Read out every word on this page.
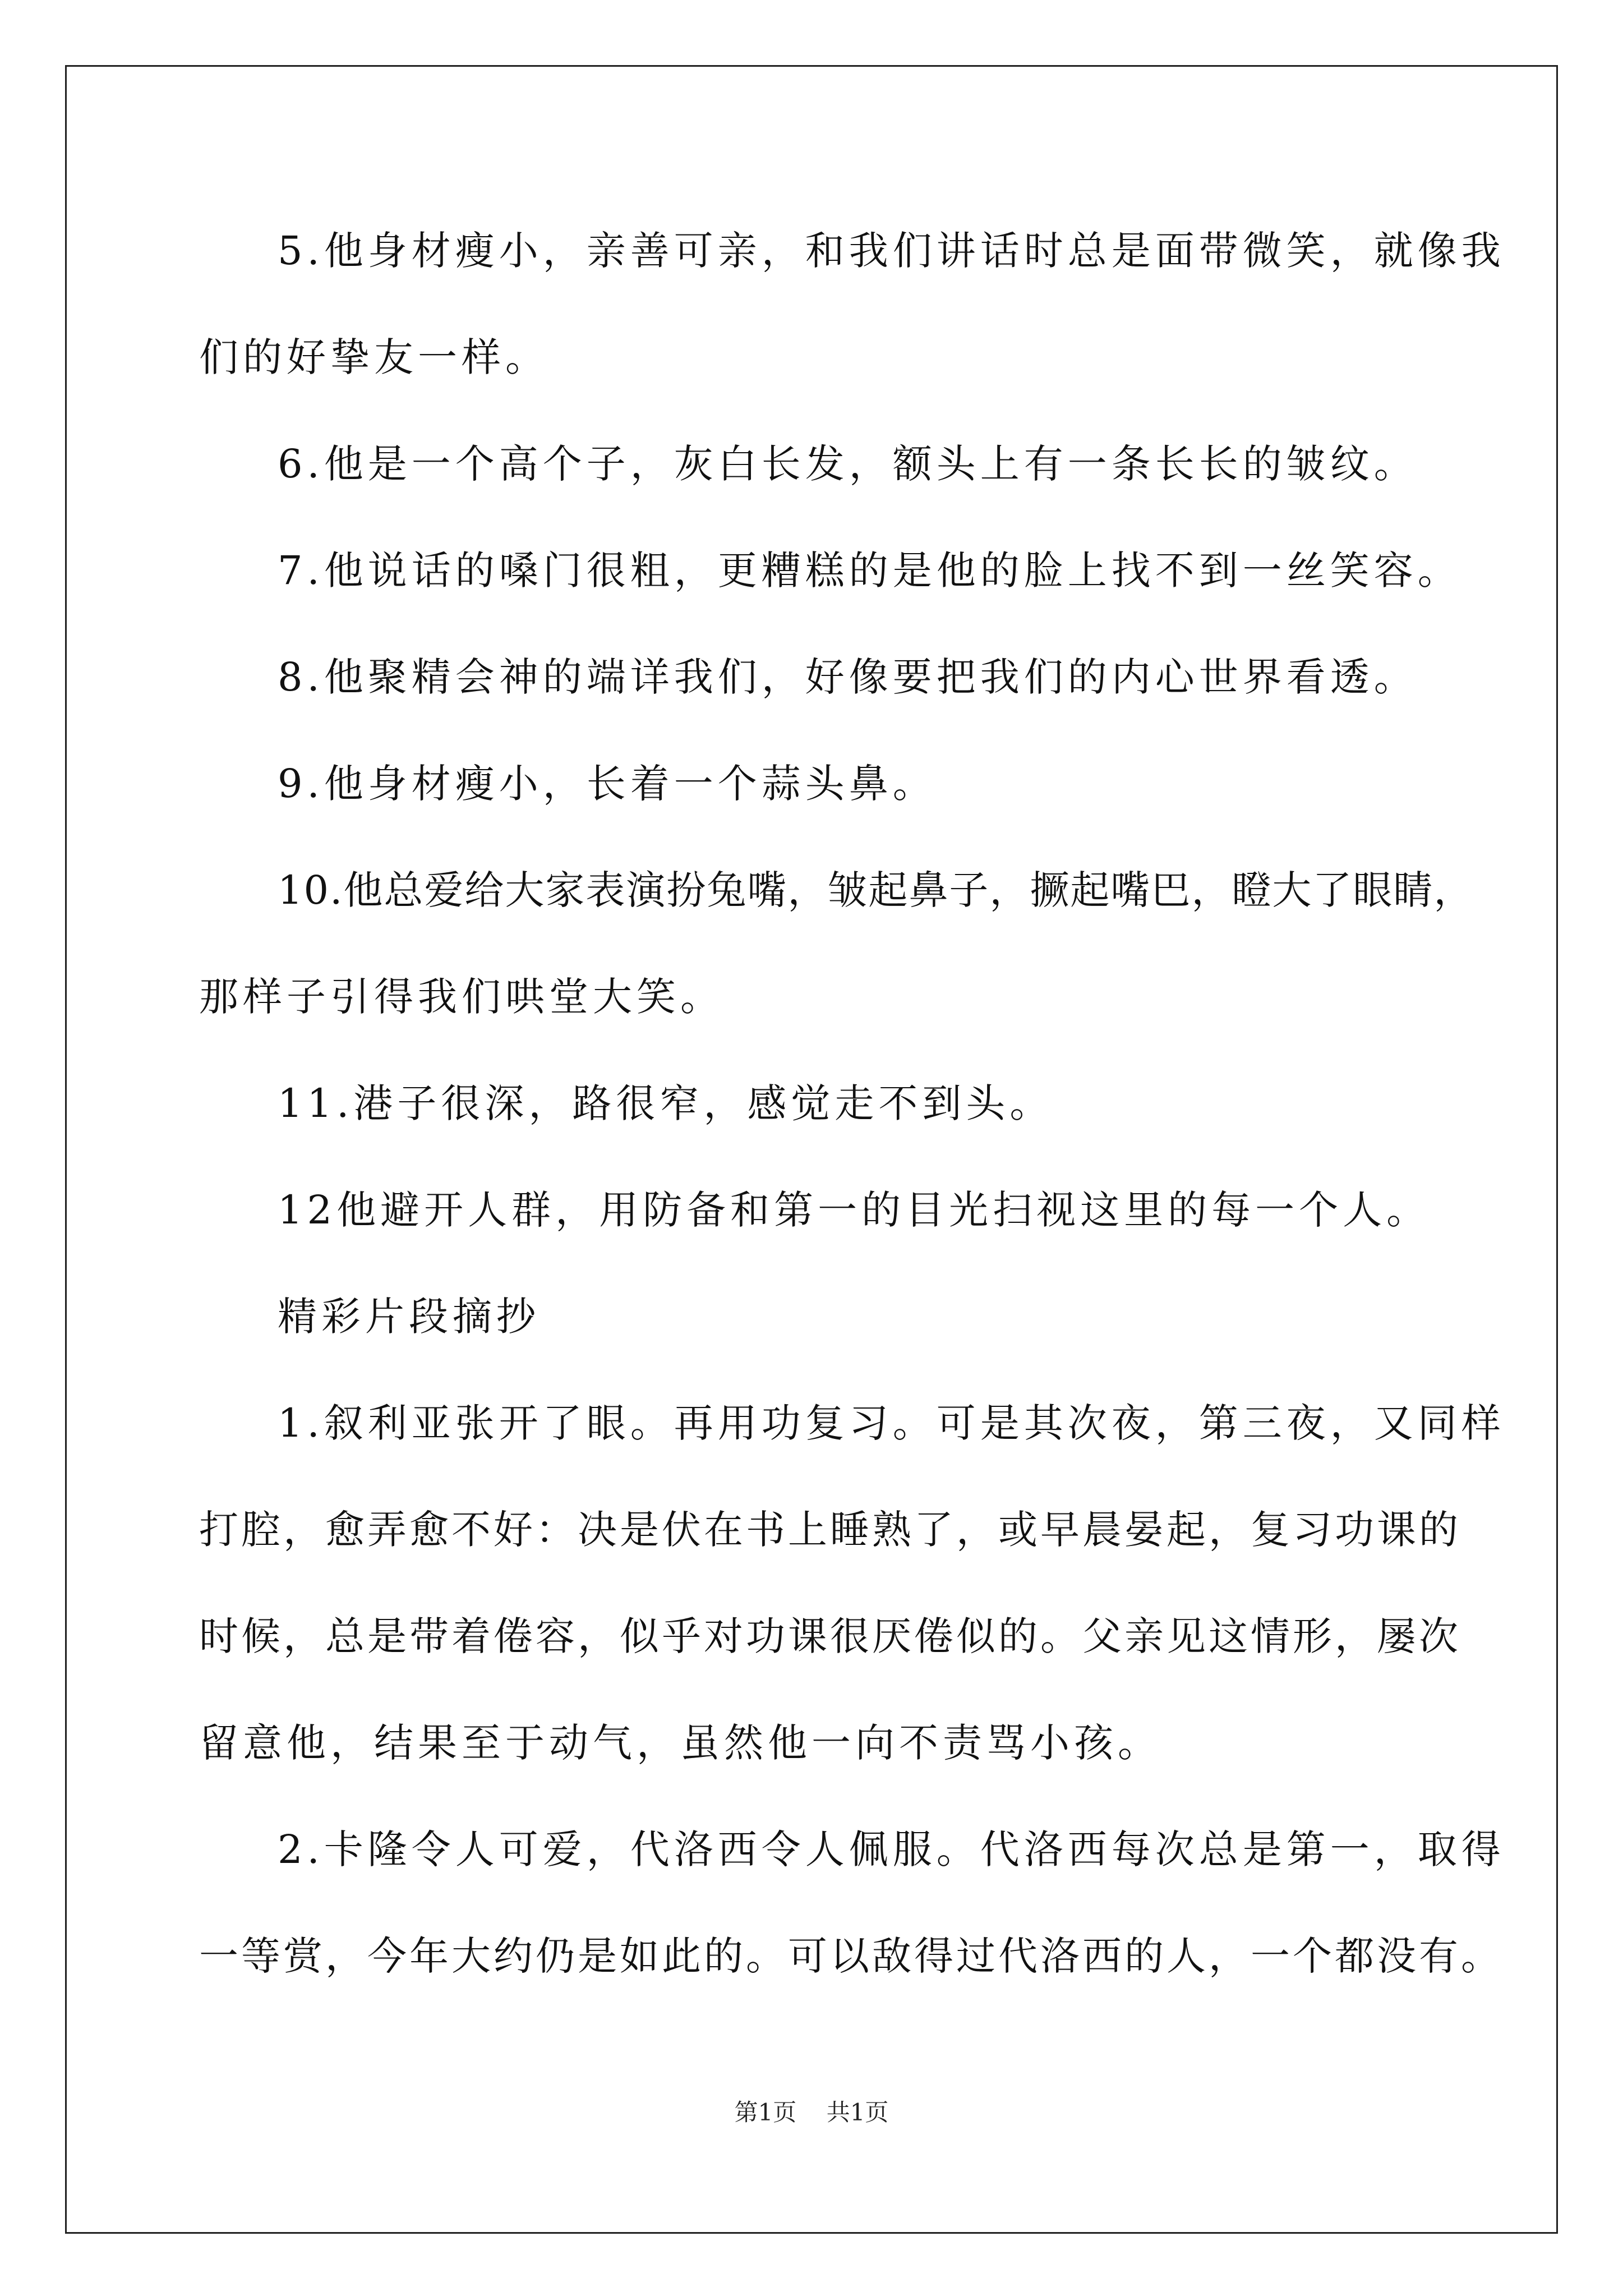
5.他身材瘦小，亲善可亲，和我们讲话时总是面带微笑，就像我
们的好挚友一样。
6.他是一个高个子，灰白长发，额头上有一条长长的皱纹。
7.他说话的嗓门很粗，更糟糕的是他的脸上找不到一丝笑容。
8.他聚精会神的端详我们，好像要把我们的内心世界看透。
9.他身材瘦小，长着一个蒜头鼻。
10.他总爱给大家表演扮兔嘴，皱起鼻子，撅起嘴巴，瞪大了眼睛，
那样子引得我们哄堂大笑。
11.港子很深，路很窄，感觉走不到头。
12他避开人群，用防备和第一的目光扫视这里的每一个人。
精彩片段摘抄
1.叙利亚张开了眼。再用功复习。可是其次夜，第三夜，又同样
打腔，愈弄愈不好：决是伏在书上睡熟了，或早晨晏起，复习功课的
时候，总是带着倦容，似乎对功课很厌倦似的。父亲见这情形，屡次
留意他，结果至于动气，虽然他一向不责骂小孩。
2.卡隆令人可爱，代洛西令人佩服。代洛西每次总是第一，取得
一等赏，今年大约仍是如此的。可以敌得过代洛西的人，一个都没有。
第1页 共1页
